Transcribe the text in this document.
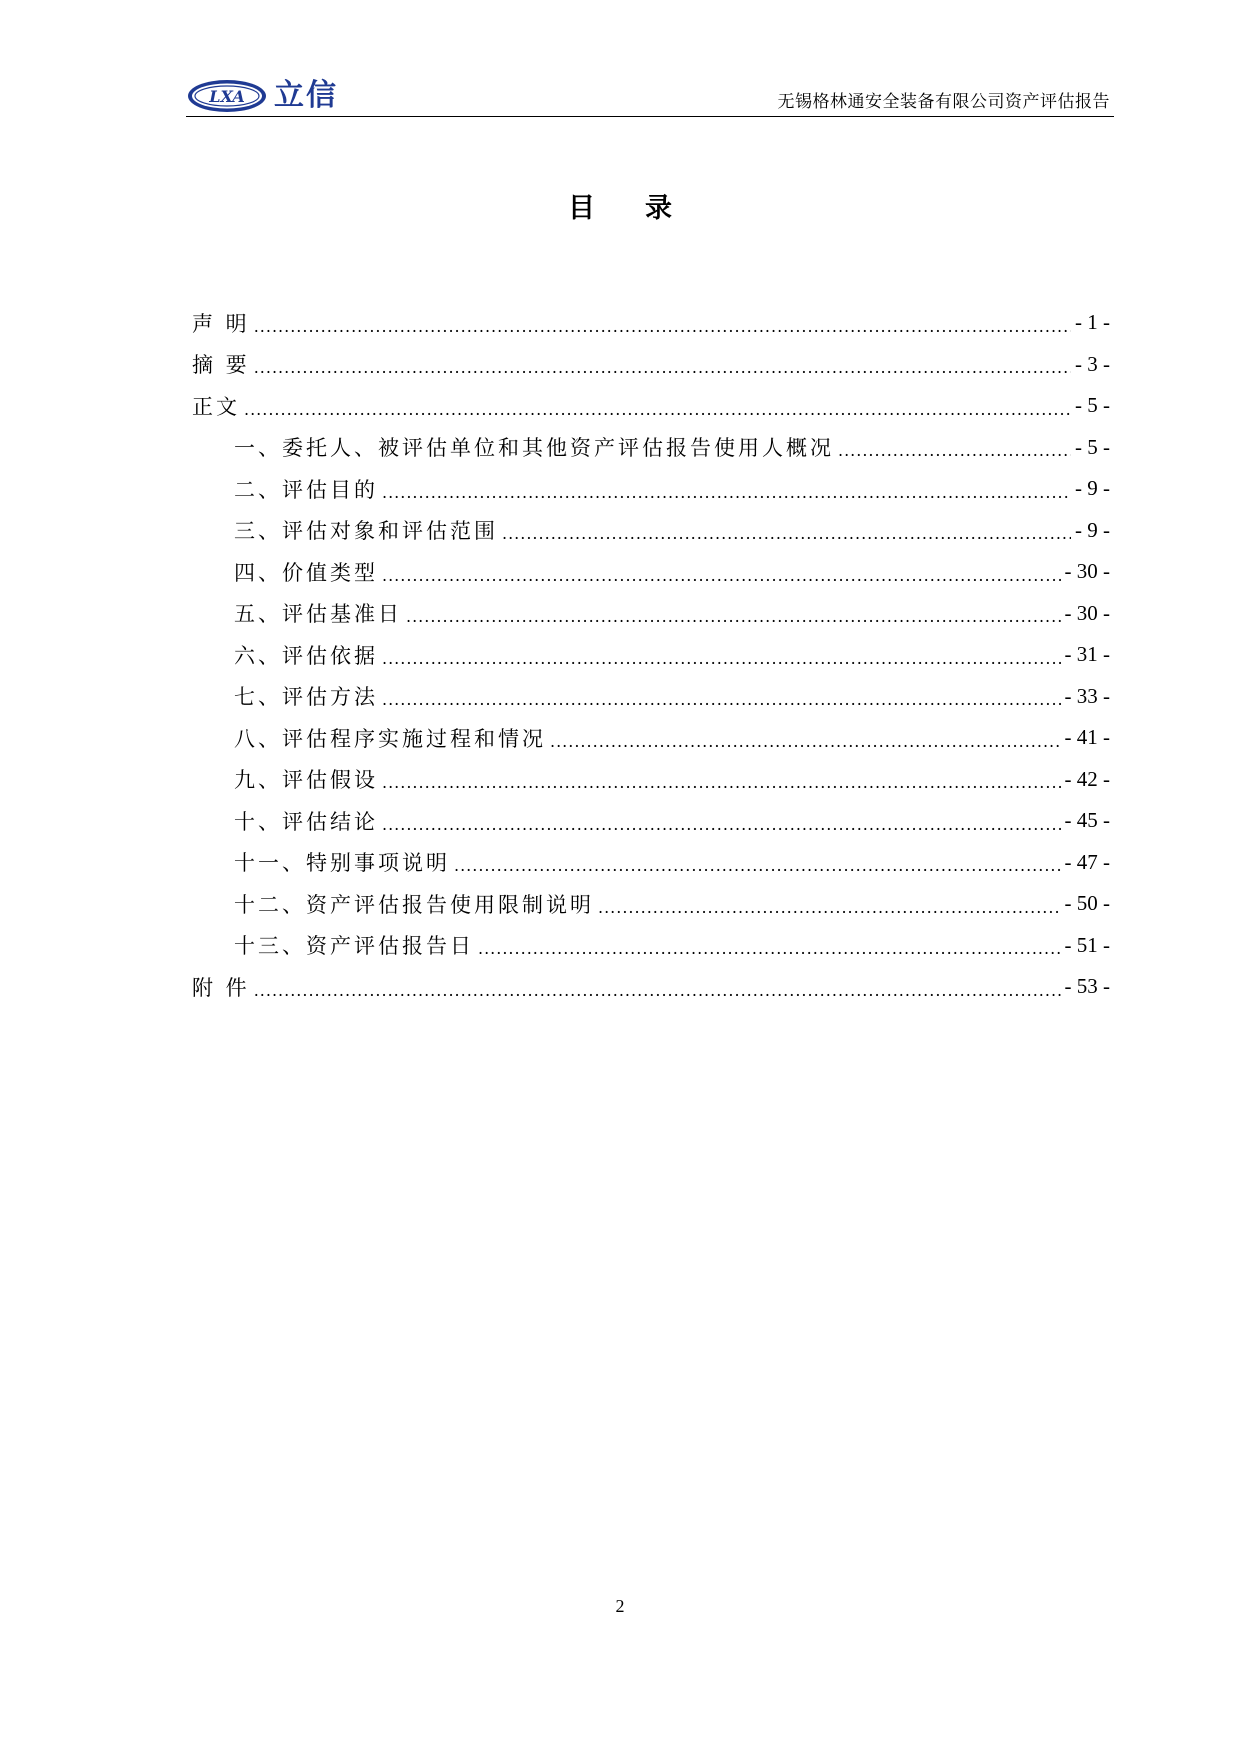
LXA 立信	无锡格林通安全装备有限公司资产评估报告
目录
声 明 .....	- 1 -
摘 要 .....	- 3 -
正文 .....	- 5 -
一、委托人、被评估单位和其他资产评估报告使用人概况 .....	- 5 -
二、评估目的 .....	- 9 -
三、评估对象和评估范围 .....	- 9 -
四、价值类型 .....	- 30 -
五、评估基准日 .....	- 30 -
六、评估依据 .....	- 31 -
七、评估方法 .....	- 33 -
八、评估程序实施过程和情况 .....	- 41 -
九、评估假设 .....	- 42 -
十、评估结论 .....	- 45 -
十一、特别事项说明 .....	- 47 -
十二、资产评估报告使用限制说明 .....	- 50 -
十三、资产评估报告日 .....	- 51 -
附 件 .....	- 53 -
2
